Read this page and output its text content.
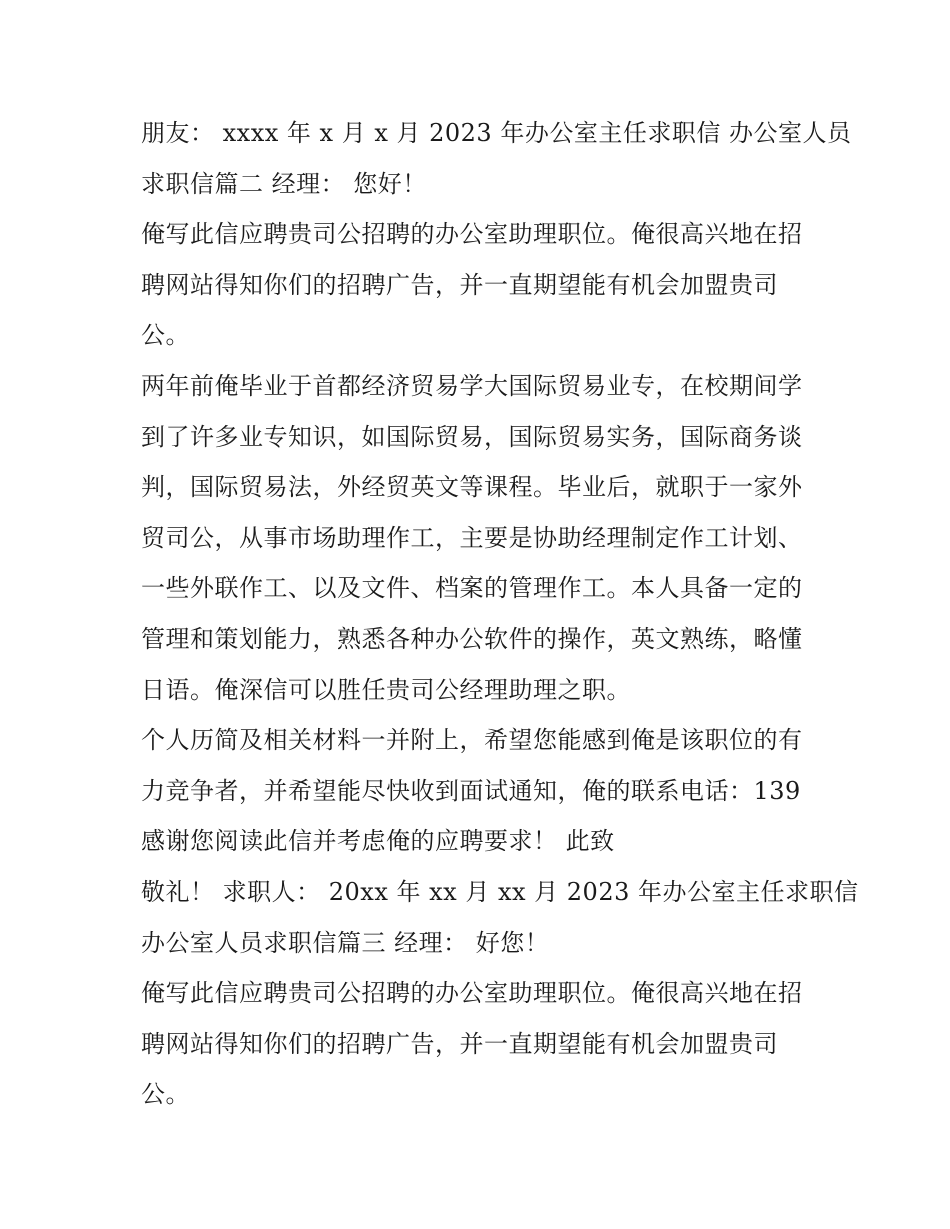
朋友： xxxx 年 x 月 x 月 2023 年办公室主任求职信 办公室人员
求职信篇二 经理： 您好！
俺写此信应聘贵司公招聘的办公室助理职位。俺很高兴地在招
聘网站得知你们的招聘广告，并一直期望能有机会加盟贵司
公。
两年前俺毕业于首都经济贸易学大国际贸易业专，在校期间学
到了许多业专知识，如国际贸易，国际贸易实务，国际商务谈
判，国际贸易法，外经贸英文等课程。毕业后，就职于一家外
贸司公，从事市场助理作工，主要是协助经理制定作工计划、
一些外联作工、以及文件、档案的管理作工。本人具备一定的
管理和策划能力，熟悉各种办公软件的操作，英文熟练，略懂
日语。俺深信可以胜任贵司公经理助理之职。
个人历简及相关材料一并附上，希望您能感到俺是该职位的有
力竞争者，并希望能尽快收到面试通知，俺的联系电话：139
感谢您阅读此信并考虑俺的应聘要求！ 此致
敬礼！ 求职人： 20xx 年 xx 月 xx 月 2023 年办公室主任求职信
办公室人员求职信篇三 经理： 好您！
俺写此信应聘贵司公招聘的办公室助理职位。俺很高兴地在招
聘网站得知你们的招聘广告，并一直期望能有机会加盟贵司
公。
